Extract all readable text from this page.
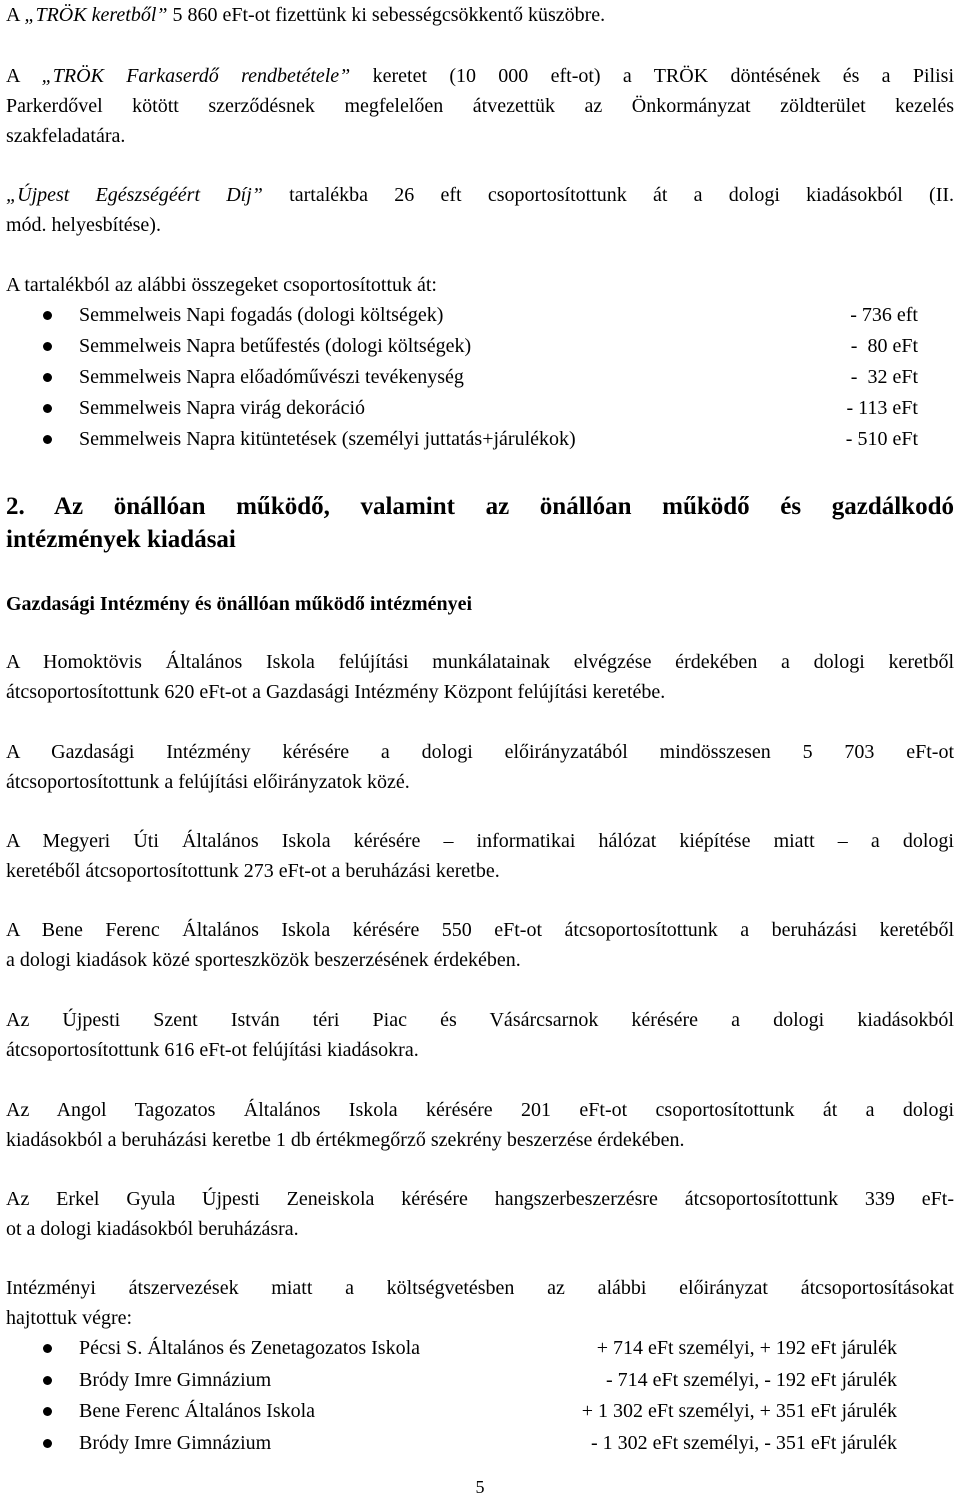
A „TRÖK keretből” 5 860 eFt-ot fizettünk ki sebességcsökkentő küszöbre.

A „TRÖK Farkaserdő rendbetétele” keretet (10 000 eft-ot) a TRÖK döntésének és a Pilisi
Parkerdővel kötött szerződésnek megfelelően átvezettük az Önkormányzat zöldterület kezelés
szakfeladatára.

„Újpest Egészségéért Díj” tartalékba 26 eft csoportosítottunk át a dologi kiadásokból (II.
mód. helyesbítése).

A tartalékból az alábbi összegeket csoportosítottuk át:

Semmelweis Napi fogadás (dologi költségek)	- 736 eft
Semmelweis Napra betűfestés (dologi költségek)	-  80 eFt
Semmelweis Napra előadóművészi tevékenység	-  32 eFt
Semmelweis Napra virág dekoráció	- 113 eFt
Semmelweis Napra kitüntetések (személyi juttatás+járulékok)	- 510 eFt
2. Az önállóan működő, valamint az önállóan működő és gazdálkodó
intézmények kiadásai
Gazdasági Intézmény és önállóan működő intézményei

A Homoktövis Általános Iskola felújítási munkálatainak elvégzése érdekében a dologi keretből
átcsoportosítottunk 620 eFt-ot a Gazdasági Intézmény Központ felújítási keretébe.

A Gazdasági Intézmény kérésére a dologi előirányzatából mindösszesen 5 703 eFt-ot
átcsoportosítottunk a felújítási előirányzatok közé.

A Megyeri Úti Általános Iskola kérésére – informatikai hálózat kiépítése miatt – a dologi
keretéből átcsoportosítottunk 273 eFt-ot a beruházási keretbe.

A Bene Ferenc Általános Iskola kérésére 550 eFt-ot átcsoportosítottunk a beruházási keretéből
a dologi kiadások közé sporteszközök beszerzésének érdekében.

Az Újpesti Szent István téri Piac és Vásárcsarnok kérésére a dologi kiadásokból
átcsoportosítottunk 616 eFt-ot felújítási kiadásokra.

Az Angol Tagozatos Általános Iskola kérésére 201 eFt-ot csoportosítottunk át a dologi
kiadásokból a beruházási keretbe 1 db értékmegőrző szekrény beszerzése érdekében.

Az Erkel Gyula Újpesti Zeneiskola kérésére hangszerbeszerzésre átcsoportosítottunk 339 eFt-
ot a dologi kiadásokból beruházásra.

Intézményi átszervezések miatt a költségvetésben az alábbi előirányzat átcsoportosításokat
hajtottuk végre:

Pécsi S. Általános és Zenetagozatos Iskola	+ 714 eFt személyi, + 192 eFt járulék
Bródy Imre Gimnázium	- 714 eFt személyi, - 192 eFt járulék
Bene Ferenc Általános Iskola	+ 1 302 eFt személyi, + 351 eFt járulék
Bródy Imre Gimnázium	- 1 302 eFt személyi, - 351 eFt járulék
5
